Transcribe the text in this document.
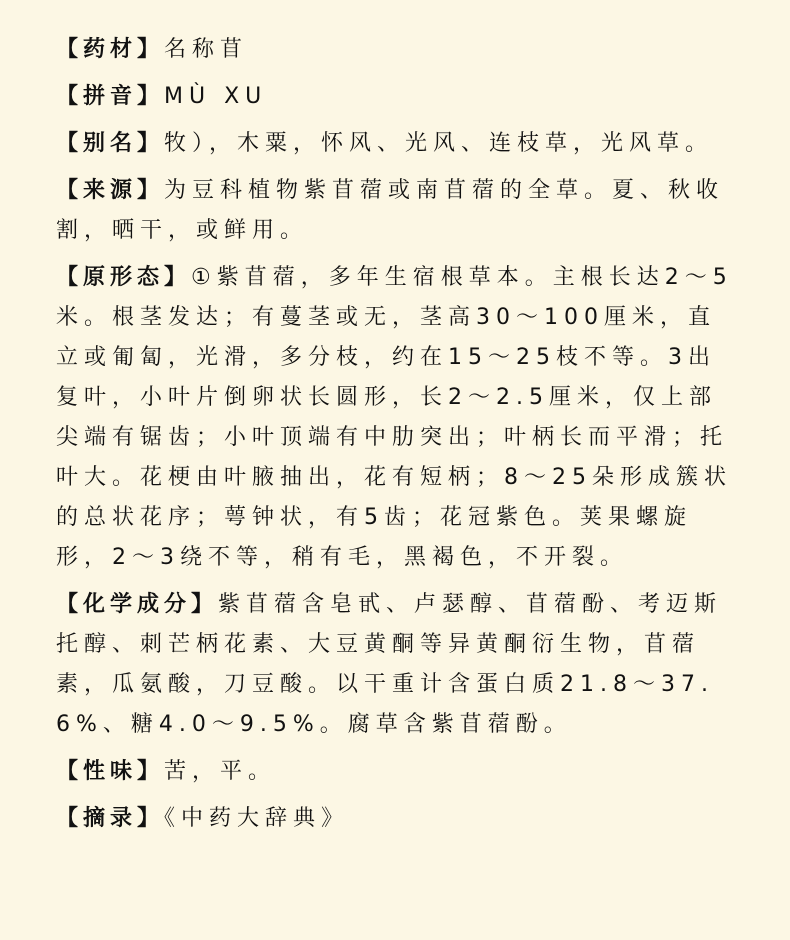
【药材】名称苜

【拼音】MÙ XU

【别名】牧），木粟，怀风、光风、连枝草，光风草。

【来源】为豆科植物紫苜蓿或南苜蓿的全草。夏、秋收割，晒干，或鲜用。

【原形态】①紫苜蓿，多年生宿根草本。主根长达2～5米。根茎发达；有蔓茎或无，茎高30～100厘米，直立或匍匐，光滑，多分枝，约在15～25枝不等。3出复叶，小叶片倒卵状长圆形，长2～2.5厘米，仅上部尖端有锯齿；小叶顶端有中肋突出；叶柄长而平滑；托叶大。花梗由叶腋抽出，花有短柄；8～25朵形成簇状的总状花序；萼钟状，有5齿；花冠紫色。荚果螺旋形，2～3绕不等，稍有毛，黑褐色，不开裂。

【化学成分】紫苜蓿含皂甙、卢瑟醇、苜蓿酚、考迈斯托醇、刺芒柄花素、大豆黄酮等异黄酮衍生物，苜蓿素，瓜氨酸，刀豆酸。以干重计含蛋白质21.8～37.6%、糖4.0～9.5%。腐草含紫苜蓿酚。

【性味】苦，平。

【摘录】《中药大辞典》
